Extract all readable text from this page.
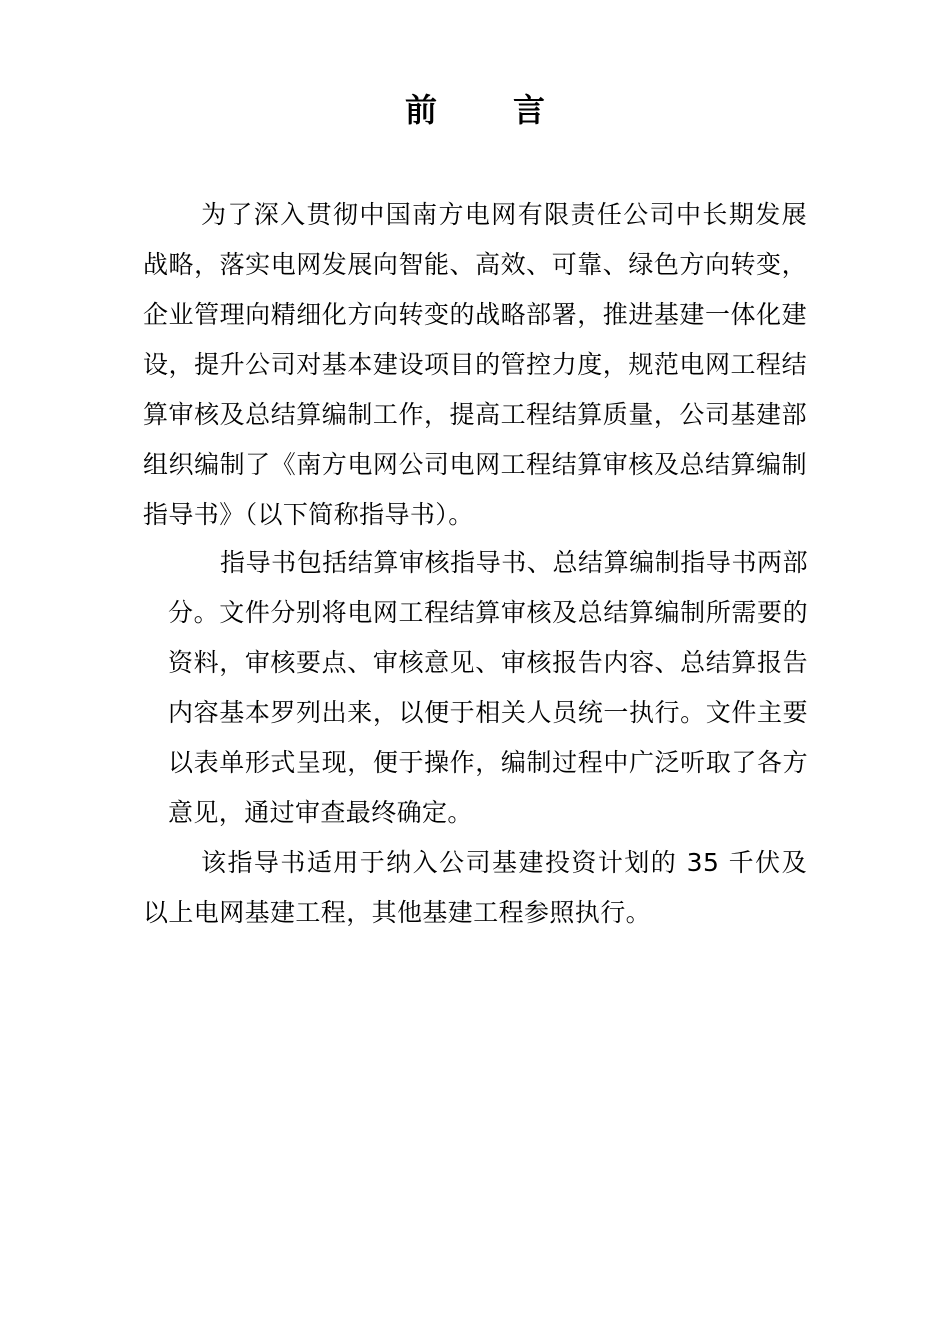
前 言

为了深入贯彻中国南方电网有限责任公司中长期发展战略，落实电网发展向智能、高效、可靠、绿色方向转变，企业管理向精细化方向转变的战略部署，推进基建一体化建设，提升公司对基本建设项目的管控力度，规范电网工程结算审核及总结算编制工作，提高工程结算质量，公司基建部组织编制了《南方电网公司电网工程结算审核及总结算编制指导书》（以下简称指导书）。

指导书包括结算审核指导书、总结算编制指导书两部分。文件分别将电网工程结算审核及总结算编制所需要的资料，审核要点、审核意见、审核报告内容、总结算报告内容基本罗列出来，以便于相关人员统一执行。文件主要以表单形式呈现，便于操作，编制过程中广泛听取了各方意见，通过审查最终确定。

该指导书适用于纳入公司基建投资计划的 35 千伏及以上电网基建工程，其他基建工程参照执行。
